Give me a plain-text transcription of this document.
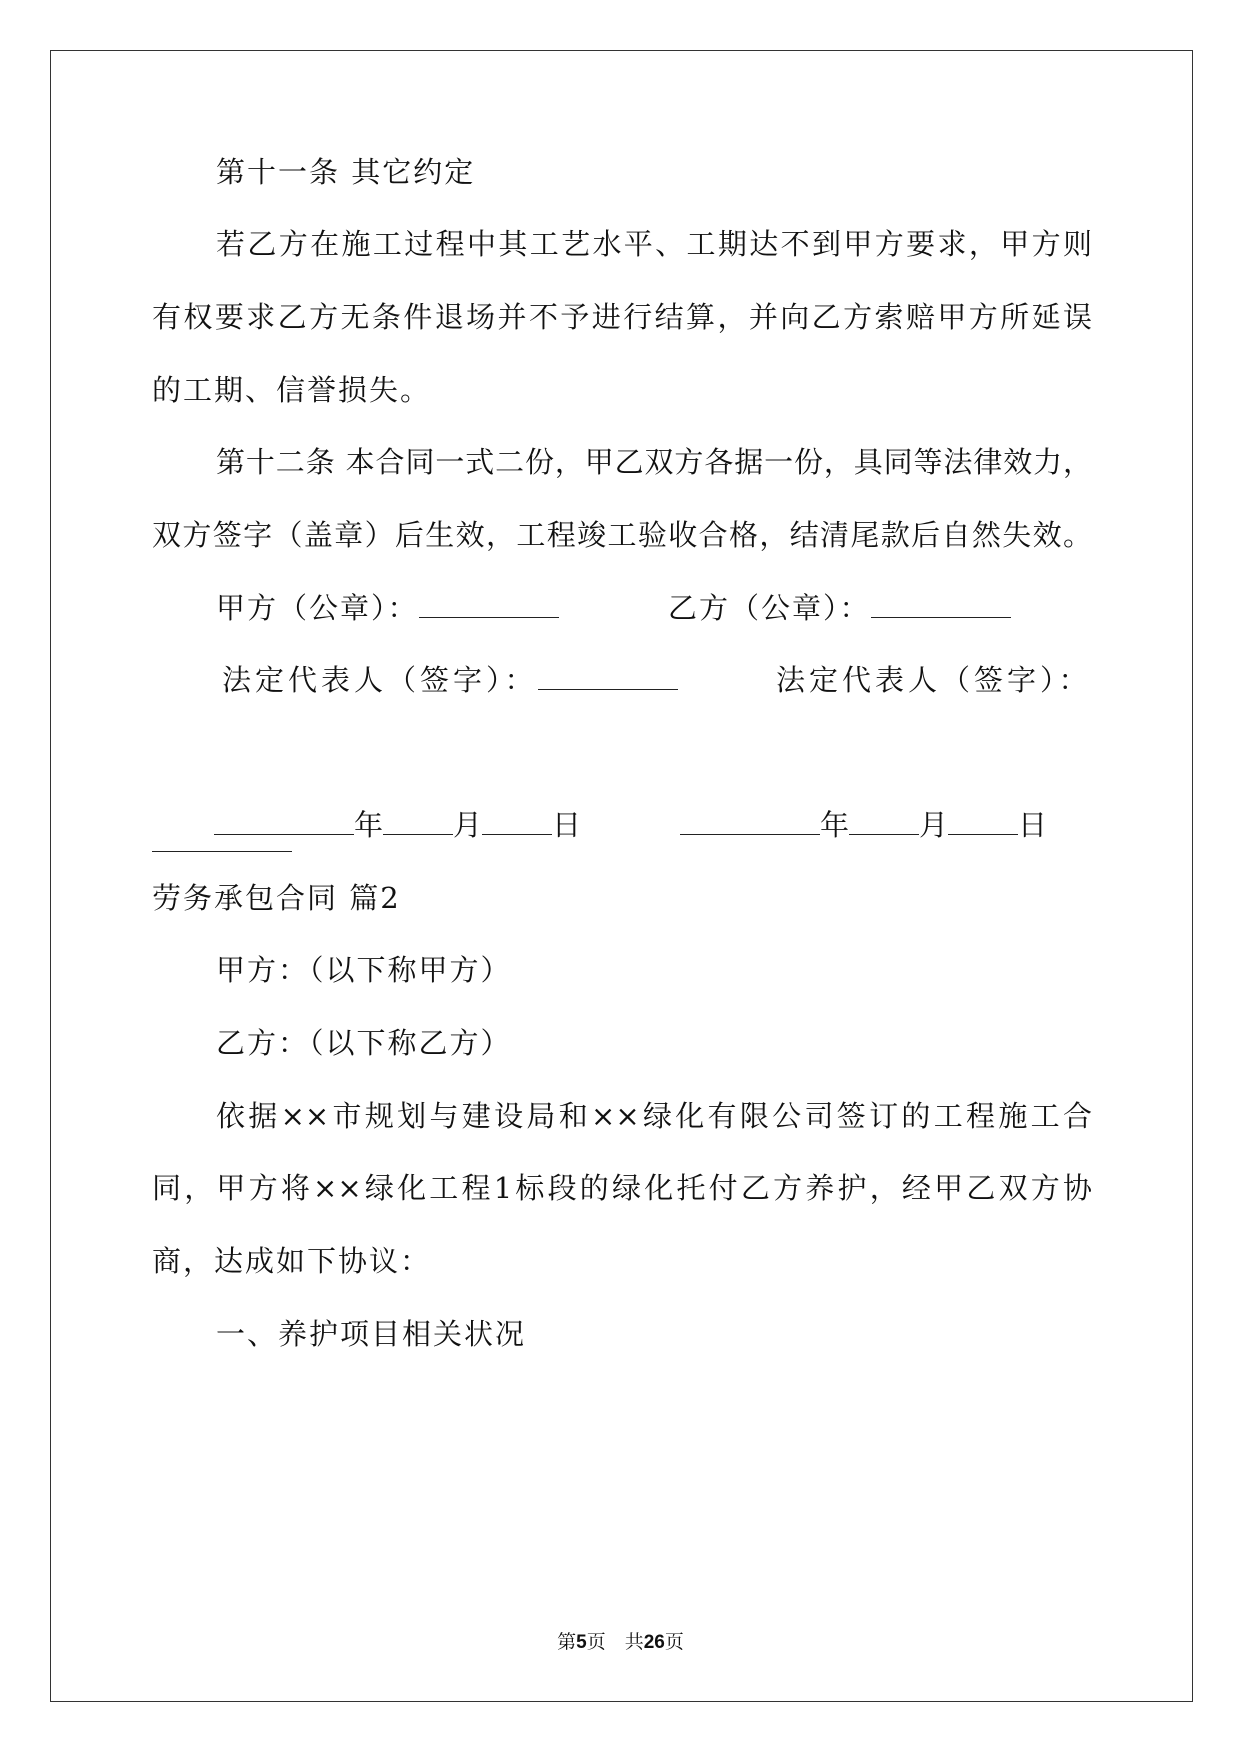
第十一条 其它约定
若乙方在施工过程中其工艺水平、工期达不到甲方要求，甲方则
有权要求乙方无条件退场并不予进行结算，并向乙方索赔甲方所延误
的工期、信誉损失。
第十二条 本合同一式二份，甲乙双方各据一份，具同等法律效力，
双方签字（盖章）后生效，工程竣工验收合格，结清尾款后自然失效。
甲方（公章）：	乙方（公章）：
法定代表人（签字）：	法定代表人（签字）：
年 月 日	年 月 日
劳务承包合同 篇2
甲方：（以下称甲方）
乙方：（以下称乙方）
依据××市规划与建设局和××绿化有限公司签订的工程施工合
同，甲方将××绿化工程1标段的绿化托付乙方养护，经甲乙双方协
商，达成如下协议：
一、养护项目相关状况
第5页　共26页
